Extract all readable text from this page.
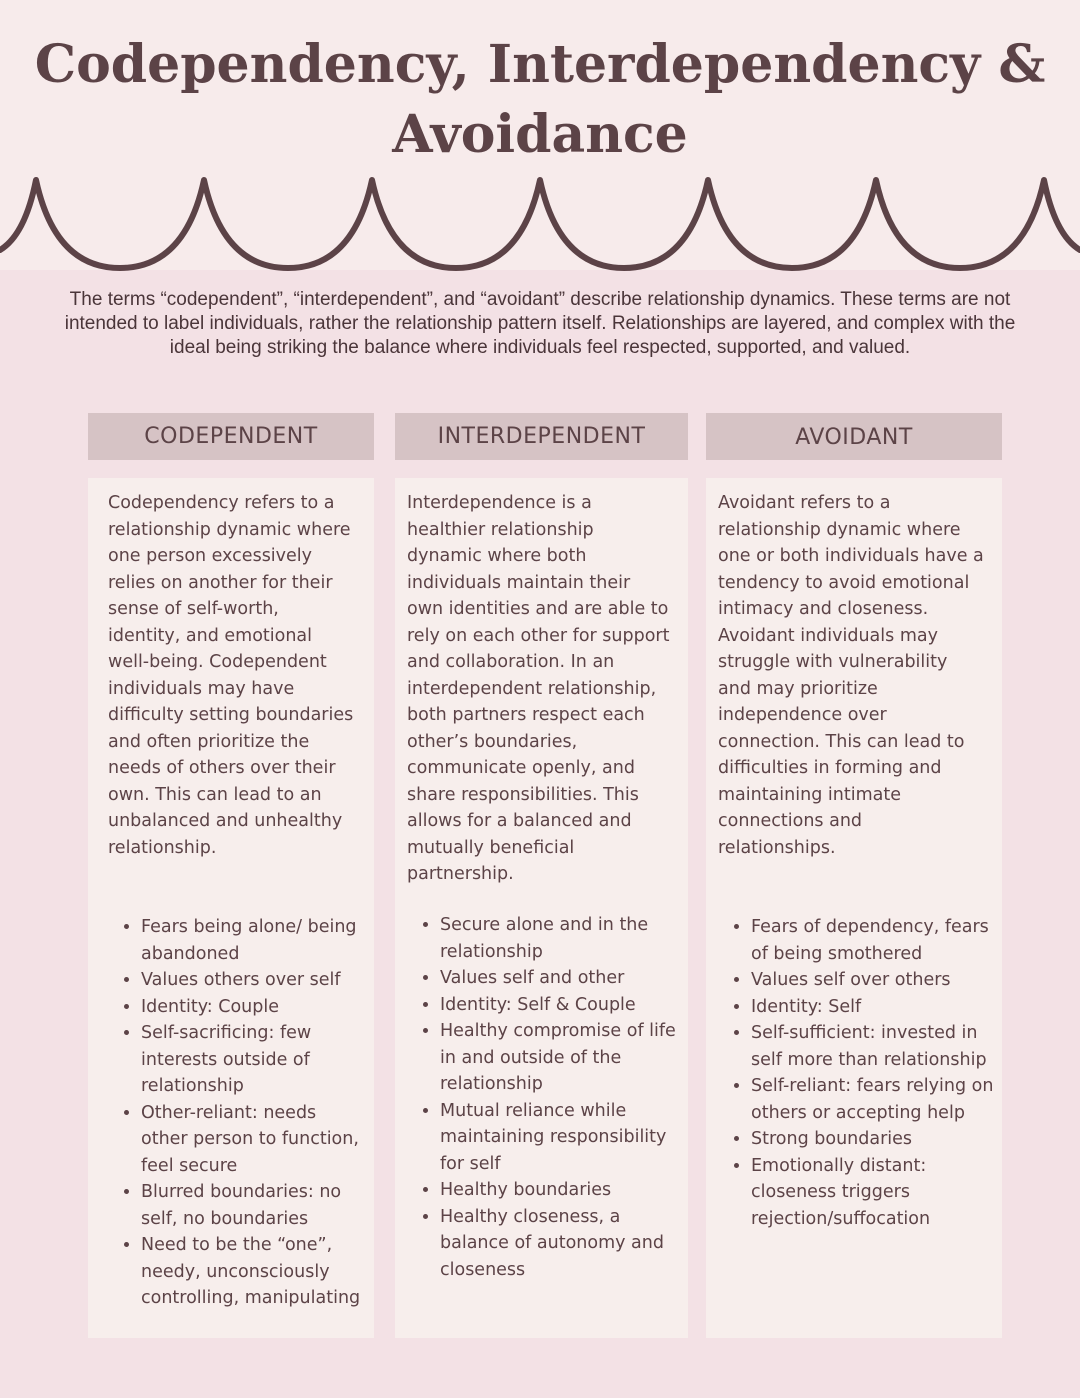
Codependency, Interdependency & Avoidance
The terms “codependent”, “interdependent”, and “avoidant” describe relationship dynamics. These terms are not intended to label individuals, rather the relationship pattern itself. Relationships are layered, and complex with the ideal being striking the balance where individuals feel respected, supported, and valued.
CODEPENDENT

Codependency refers to a relationship dynamic where one person excessively relies on another for their sense of self-worth, identity, and emotional well-being. Codependent individuals may have difficulty setting boundaries and often prioritize the needs of others over their own. This can lead to an unbalanced and unhealthy relationship.

• Fears being alone/ being abandoned
• Values others over self
• Identity: Couple
• Self-sacrificing: few interests outside of relationship
• Other-reliant: needs other person to function, feel secure
• Blurred boundaries: no self, no boundaries
• Need to be the “one”, needy, unconsciously controlling, manipulating
INTERDEPENDENT

Interdependence is a healthier relationship dynamic where both individuals maintain their own identities and are able to rely on each other for support and collaboration. In an interdependent relationship, both partners respect each other’s boundaries, communicate openly, and share responsibilities. This allows for a balanced and mutually beneficial partnership.

• Secure alone and in the relationship
• Values self and other
• Identity: Self & Couple
• Healthy compromise of life in and outside of the relationship
• Mutual reliance while maintaining responsibility for self
• Healthy boundaries
• Healthy closeness, a balance of autonomy and closeness
AVOIDANT

Avoidant refers to a relationship dynamic where one or both individuals have a tendency to avoid emotional intimacy and closeness. Avoidant individuals may struggle with vulnerability and may prioritize independence over connection. This can lead to difficulties in forming and maintaining intimate connections and relationships.

• Fears of dependency, fears of being smothered
• Values self over others
• Identity: Self
• Self-sufficient: invested in self more than relationship
• Self-reliant: fears relying on others or accepting help
• Strong boundaries
• Emotionally distant: closeness triggers rejection/suffocation
